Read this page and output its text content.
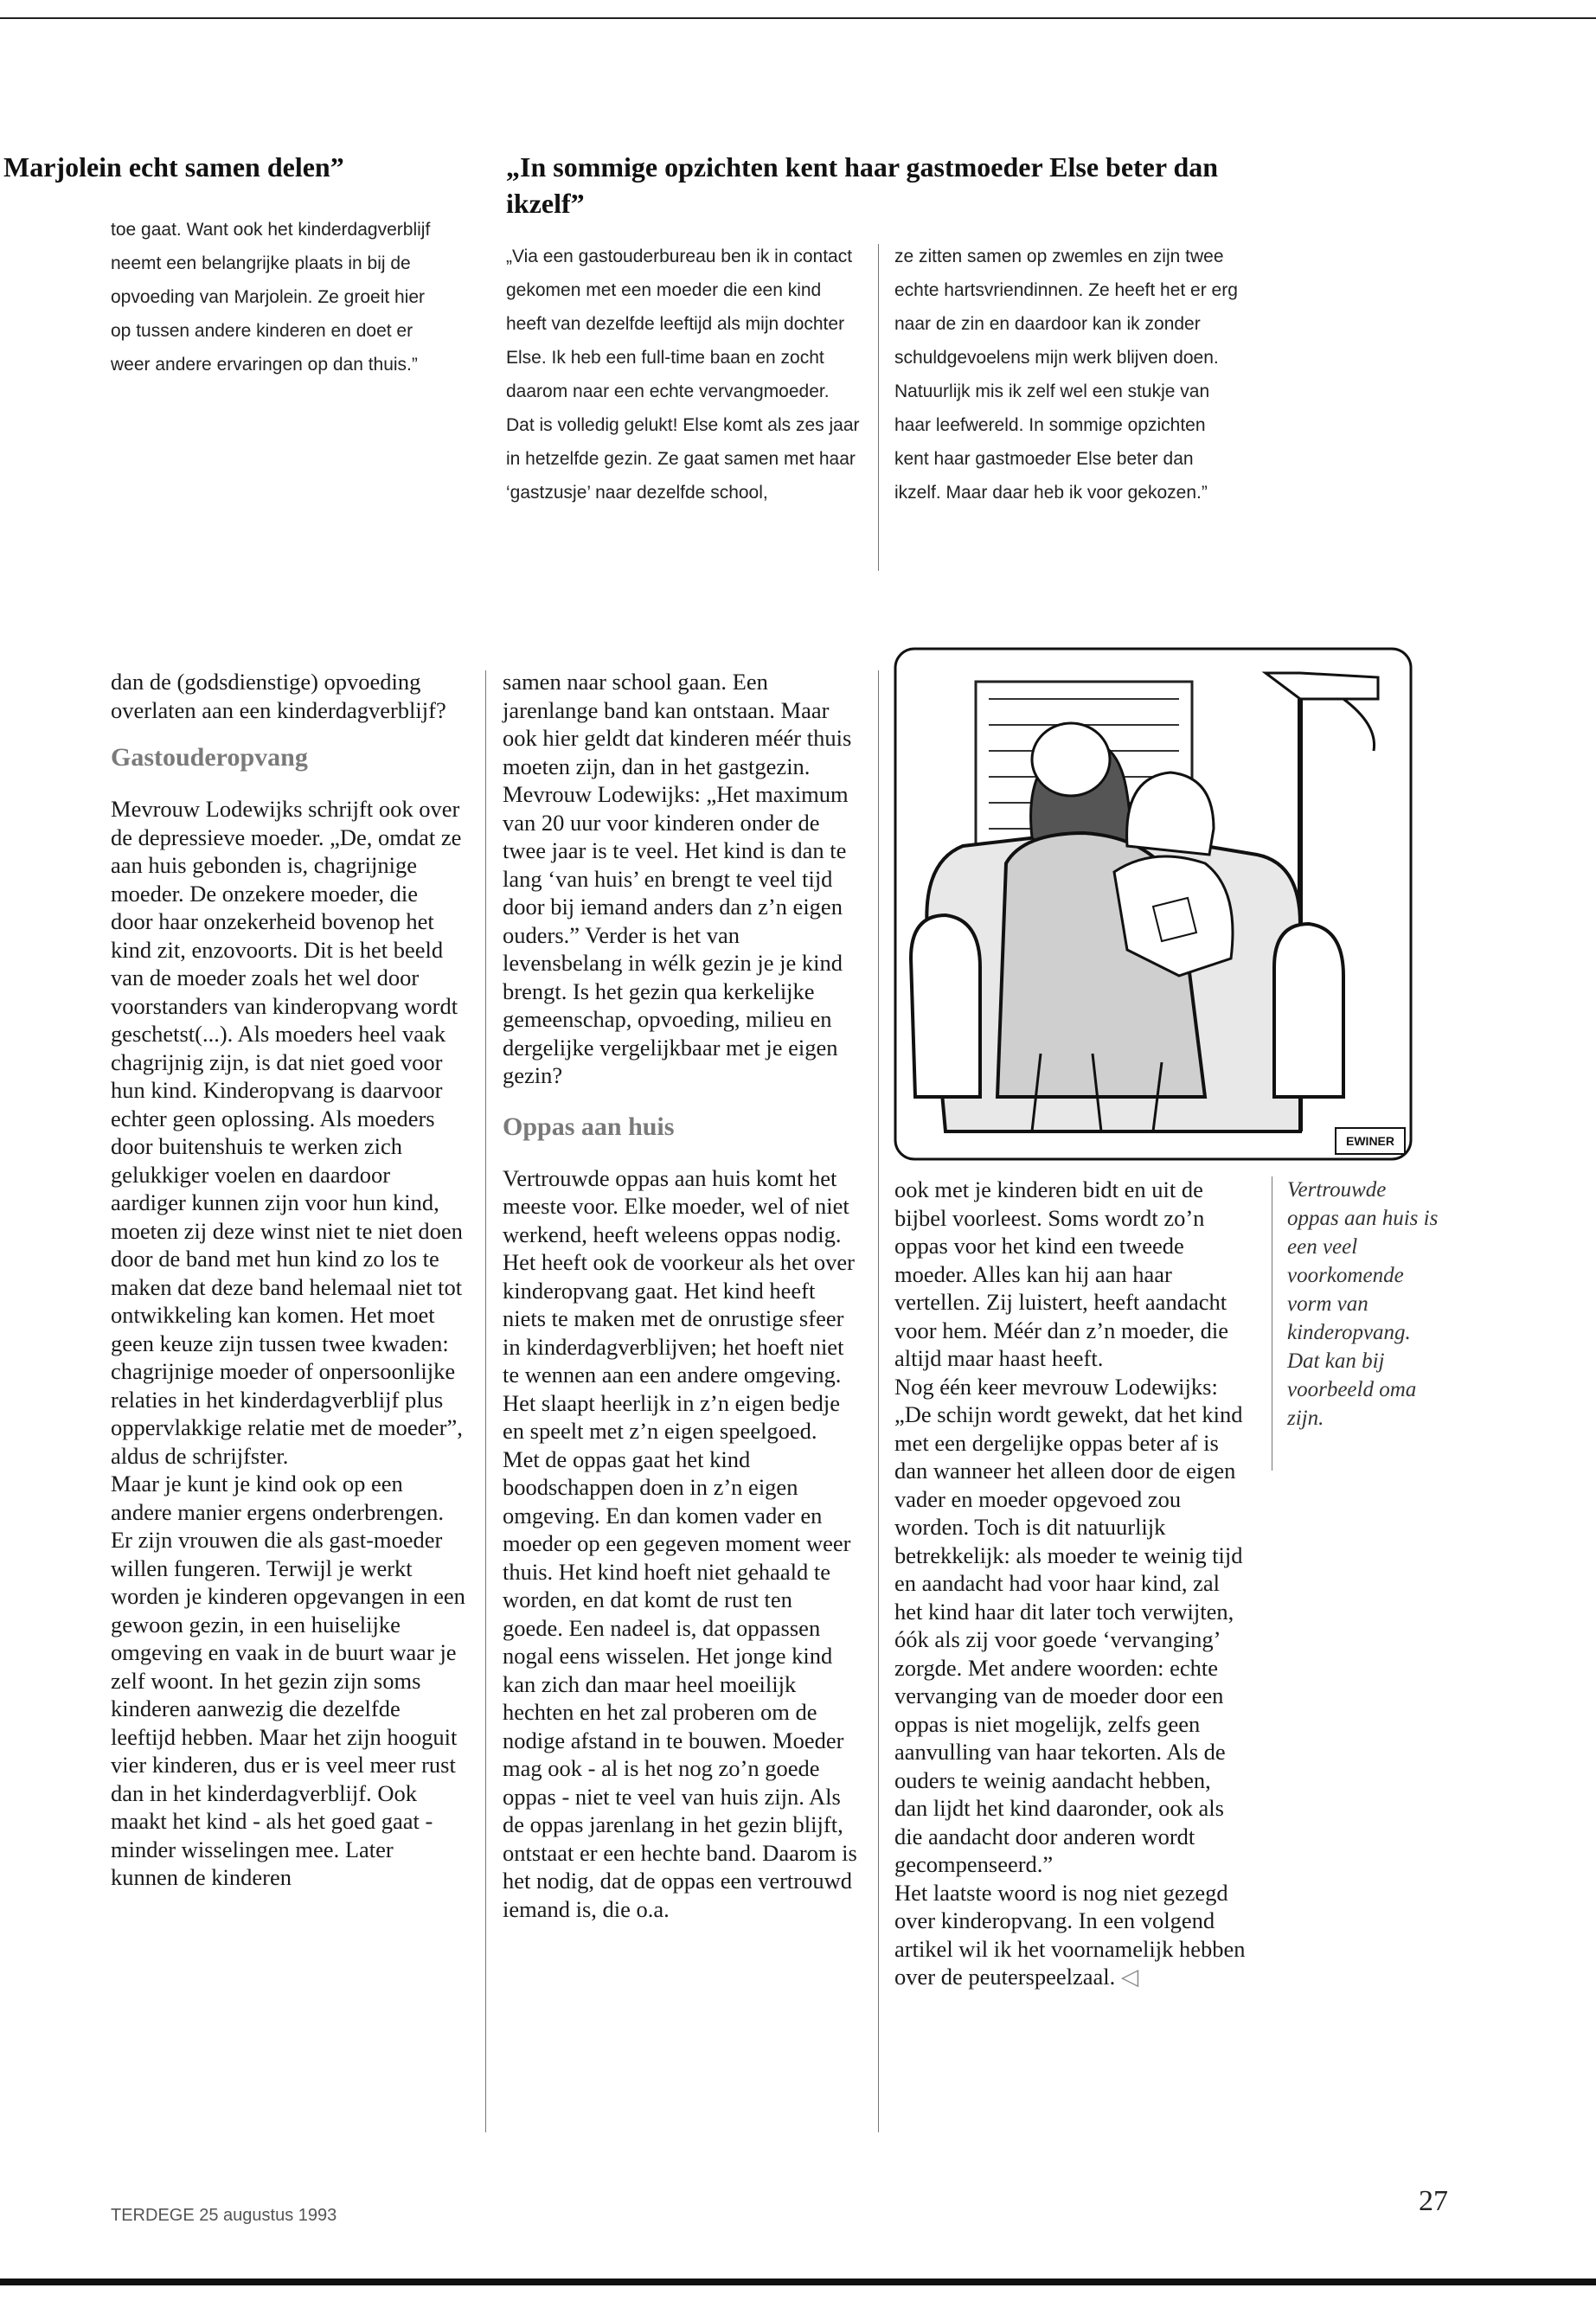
Marjolein echt samen delen”	„In sommige opzichten kent haar gastmoeder Else beter dan ikzelf”

toe gaat. Want ook het kinderdagverblijf neemt een belangrijke plaats in bij de opvoeding van Marjolein. Ze groeit hier op tussen andere kinderen en doet er weer andere ervaringen op dan thuis.”

„Via een gastouderbureau ben ik in contact gekomen met een moeder die een kind heeft van dezelfde leeftijd als mijn dochter Else. Ik heb een full-time baan en zocht daarom naar een echte vervangmoeder. Dat is volledig gelukt! Else komt als zes jaar in hetzelfde gezin. Ze gaat samen met haar ‘gastzusje’ naar dezelfde school,

ze zitten samen op zwemles en zijn twee echte hartsvriendinnen. Ze heeft het er erg naar de zin en daardoor kan ik zonder schuldgevoelens mijn werk blijven doen. Natuurlijk mis ik zelf wel een stukje van haar leefwereld. In sommige opzichten kent haar gastmoeder Else beter dan ikzelf. Maar daar heb ik voor gekozen.”

dan de (godsdienstige) opvoeding overlaten aan een kinderdagverblijf?

Gastouderopvang

Mevrouw Lodewijks schrijft ook over de depressieve moeder. „De, omdat ze aan huis gebonden is, chagrijnige moeder. De onzekere moeder, die door haar onzekerheid bovenop het kind zit, enzovoorts. Dit is het beeld van de moeder zoals het wel door voorstanders van kinderopvang wordt geschetst(...). Als moeders heel vaak chagrijnig zijn, is dat niet goed voor hun kind. Kinderopvang is daarvoor echter geen oplossing. Als moeders door buitenshuis te werken zich gelukkiger voelen en daardoor aardiger kunnen zijn voor hun kind, moeten zij deze winst niet te niet doen door de band met hun kind zo los te maken dat deze band helemaal niet tot ontwikkeling kan komen. Het moet geen keuze zijn tussen twee kwaden: chagrijnige moeder of onpersoonlijke relaties in het kinderdagverblijf plus oppervlakkige relatie met de moeder”, aldus de schrijfster.

Maar je kunt je kind ook op een andere manier ergens onderbrengen. Er zijn vrouwen die als gast-moeder willen fungeren. Terwijl je werkt worden je kinderen opgevangen in een gewoon gezin, in een huiselijke omgeving en vaak in de buurt waar je zelf woont. In het gezin zijn soms kinderen aanwezig die dezelfde leeftijd hebben. Maar het zijn hooguit vier kinderen, dus er is veel meer rust dan in het kinderdagverblijf. Ook maakt het kind - als het goed gaat - minder wisselingen mee. Later kunnen de kinderen

samen naar school gaan. Een jarenlange band kan ontstaan. Maar ook hier geldt dat kinderen méér thuis moeten zijn, dan in het gastgezin. Mevrouw Lodewijks: „Het maximum van 20 uur voor kinderen onder de twee jaar is te veel. Het kind is dan te lang ‘van huis’ en brengt te veel tijd door bij iemand anders dan z’n eigen ouders.” Verder is het van levensbelang in wélk gezin je je kind brengt. Is het gezin qua kerkelijke gemeenschap, opvoeding, milieu en dergelijke vergelijkbaar met je eigen gezin?

Oppas aan huis

Vertrouwde oppas aan huis komt het meeste voor. Elke moeder, wel of niet werkend, heeft weleens oppas nodig. Het heeft ook de voorkeur als het over kinderopvang gaat. Het kind heeft niets te maken met de onrustige sfeer in kinderdagverblijven; het hoeft niet te wennen aan een andere omgeving. Het slaapt heerlijk in z’n eigen bedje en speelt met z’n eigen speelgoed. Met de oppas gaat het kind boodschappen doen in z’n eigen omgeving. En dan komen vader en moeder op een gegeven moment weer thuis. Het kind hoeft niet gehaald te worden, en dat komt de rust ten goede. Een nadeel is, dat oppassen nogal eens wisselen. Het jonge kind kan zich dan maar heel moeilijk hechten en het zal proberen om de nodige afstand in te bouwen. Moeder mag ook - al is het nog zo’n goede oppas - niet te veel van huis zijn. Als de oppas jarenlang in het gezin blijft, ontstaat er een hechte band. Daarom is het nodig, dat de oppas een vertrouwd iemand is, die o.a.

EWINER

ook met je kinderen bidt en uit de bijbel voorleest. Soms wordt zo’n oppas voor het kind een tweede moeder. Alles kan hij aan haar vertellen. Zij luistert, heeft aandacht voor hem. Méér dan z’n moeder, die altijd maar haast heeft.

Nog één keer mevrouw Lodewijks: „De schijn wordt gewekt, dat het kind met een dergelijke oppas beter af is dan wanneer het alleen door de eigen vader en moeder opgevoed zou worden. Toch is dit natuurlijk betrekkelijk: als moeder te weinig tijd en aandacht had voor haar kind, zal het kind haar dit later toch verwijten, óók als zij voor goede ‘vervanging’ zorgde. Met andere woorden: echte vervanging van de moeder door een oppas is niet mogelijk, zelfs geen aanvulling van haar tekorten. Als de ouders te weinig aandacht hebben, dan lijdt het kind daaronder, ook als die aandacht door anderen wordt gecompenseerd.”

Het laatste woord is nog niet gezegd over kinderopvang. In een volgend artikel wil ik het voornamelijk hebben over de peuterspeelzaal. ◁

Vertrouwde oppas aan huis is een veel voorkomende vorm van kinderopvang. Dat kan bij voorbeeld oma zijn.

TERDEGE 25 augustus 1993	27
